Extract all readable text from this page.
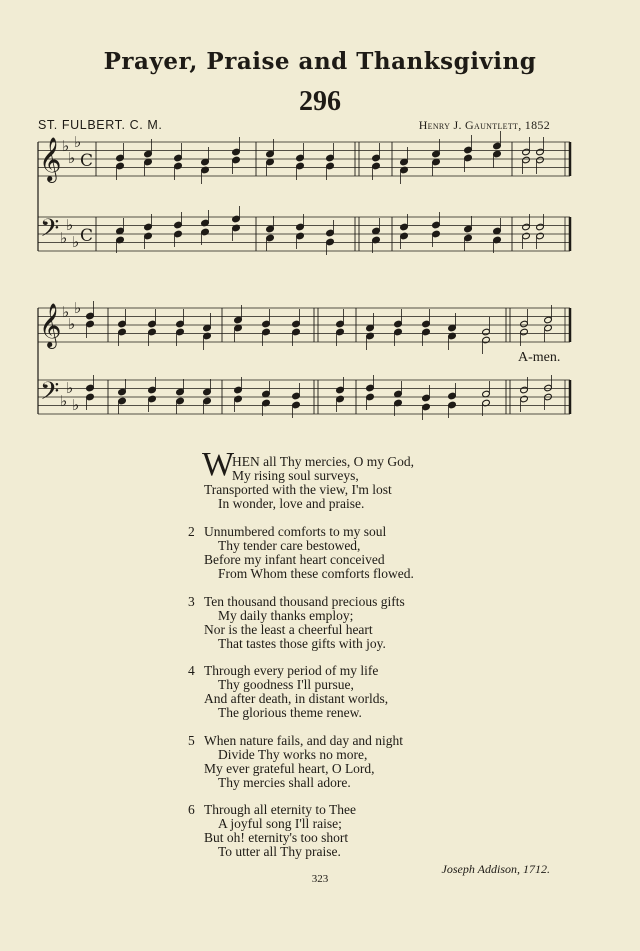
Prayer, Praise and Thanksgiving
296
ST. FULBERT. C. M.	Henry J. Gauntlett, 1852
𝄞
𝄢
♭
♭
♭
♭
♭
♭
C
C
𝄞
𝄢
♭
♭
♭
♭
♭
♭
A-men.
W
HEN all Thy mercies, O my God,
My rising soul surveys,
Transported with the view, I'm lost
In wonder, love and praise.
2 Unnumbered comforts to my soul
Thy tender care bestowed,
Before my infant heart conceived
From Whom these comforts flowed.
3 Ten thousand thousand precious gifts
My daily thanks employ;
Nor is the least a cheerful heart
That tastes those gifts with joy.
4 Through every period of my life
Thy goodness I'll pursue,
And after death, in distant worlds,
The glorious theme renew.
5 When nature fails, and day and night
Divide Thy works no more,
My ever grateful heart, O Lord,
Thy mercies shall adore.
6 Through all eternity to Thee
A joyful song I'll raise;
But oh! eternity's too short
To utter all Thy praise.
Joseph Addison, 1712.
323
